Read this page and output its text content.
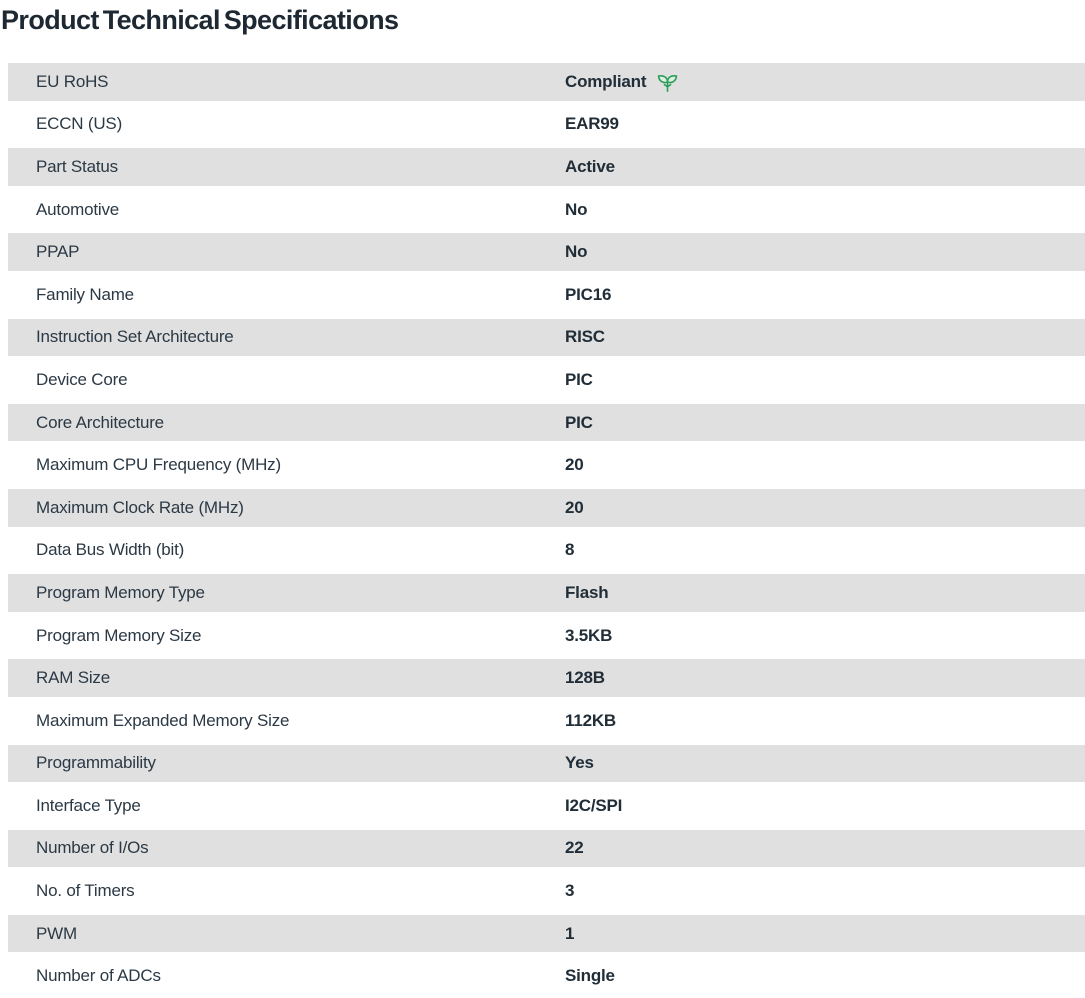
Product Technical Specifications
EU RoHS	Compliant
ECCN (US)	EAR99
Part Status	Active
Automotive	No
PPAP	No
Family Name	PIC16
Instruction Set Architecture	RISC
Device Core	PIC
Core Architecture	PIC
Maximum CPU Frequency (MHz)	20
Maximum Clock Rate (MHz)	20
Data Bus Width (bit)	8
Program Memory Type	Flash
Program Memory Size	3.5KB
RAM Size	128B
Maximum Expanded Memory Size	112KB
Programmability	Yes
Interface Type	I2C/SPI
Number of I/Os	22
No. of Timers	3
PWM	1
Number of ADCs	Single
